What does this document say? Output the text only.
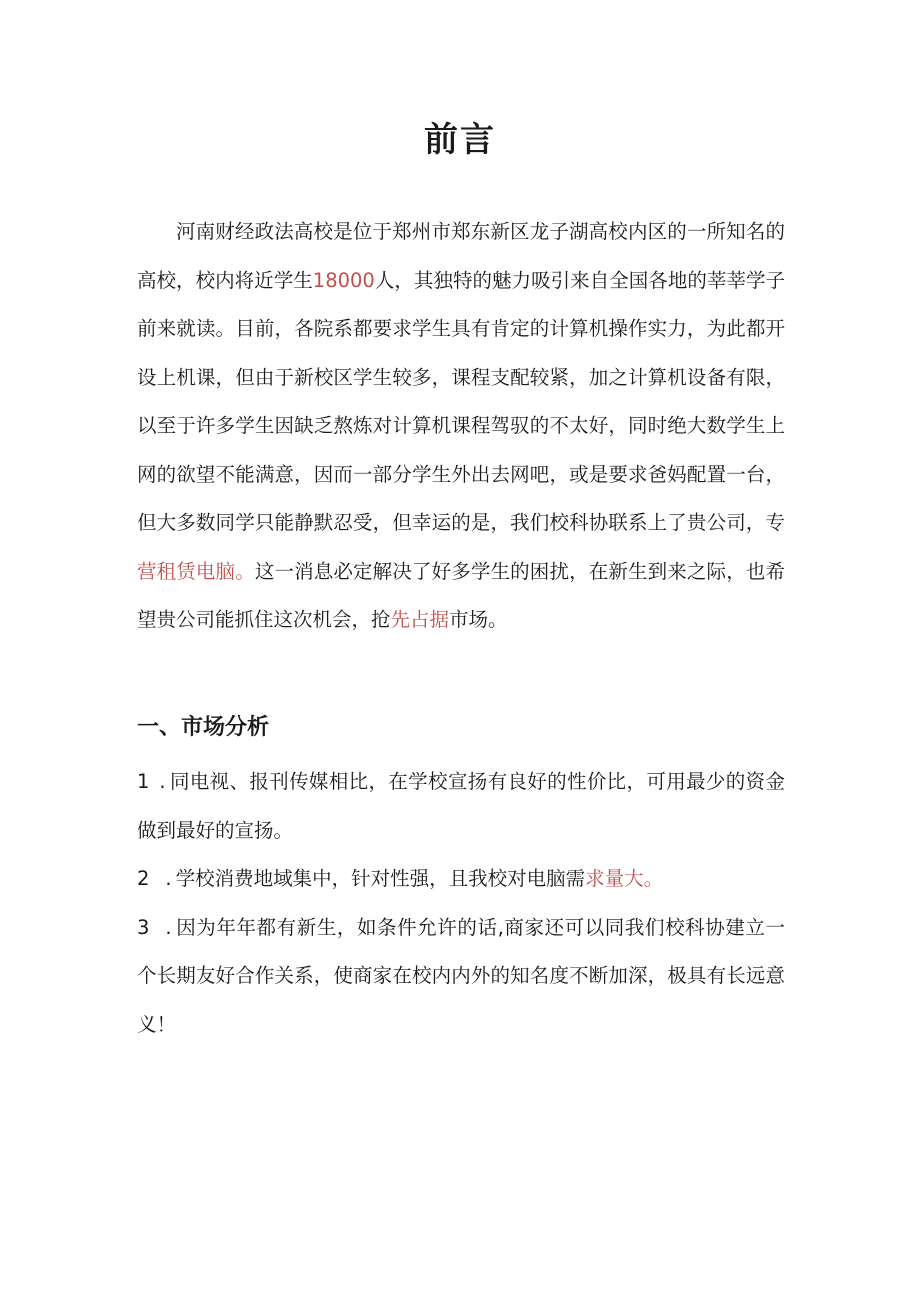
前言

河南财经政法高校是位于郑州市郑东新区龙子湖高校内区的一所知名的高校，校内将近学生18000人，其独特的魅力吸引来自全国各地的莘莘学子前来就读。目前，各院系都要求学生具有肯定的计算机操作实力，为此都开设上机课，但由于新校区学生较多，课程支配较紧，加之计算机设备有限，以至于许多学生因缺乏熬炼对计算机课程驾驭的不太好，同时绝大数学生上网的欲望不能满意，因而一部分学生外出去网吧，或是要求爸妈配置一台，但大多数同学只能静默忍受，但幸运的是，我们校科协联系上了贵公司，专营租赁电脑。这一消息必定解决了好多学生的困扰，在新生到来之际，也希望贵公司能抓住这次机会，抢先占据市场。

一、市场分析
1 . 同电视、报刊传媒相比，在学校宣扬有良好的性价比，可用最少的资金做到最好的宣扬。
2 . 学校消费地域集中，针对性强，且我校对电脑需求量大。
3 . 因为年年都有新生，如条件允许的话,商家还可以同我们校科协建立一个长期友好合作关系，使商家在校内内外的知名度不断加深，极具有长远意义！
